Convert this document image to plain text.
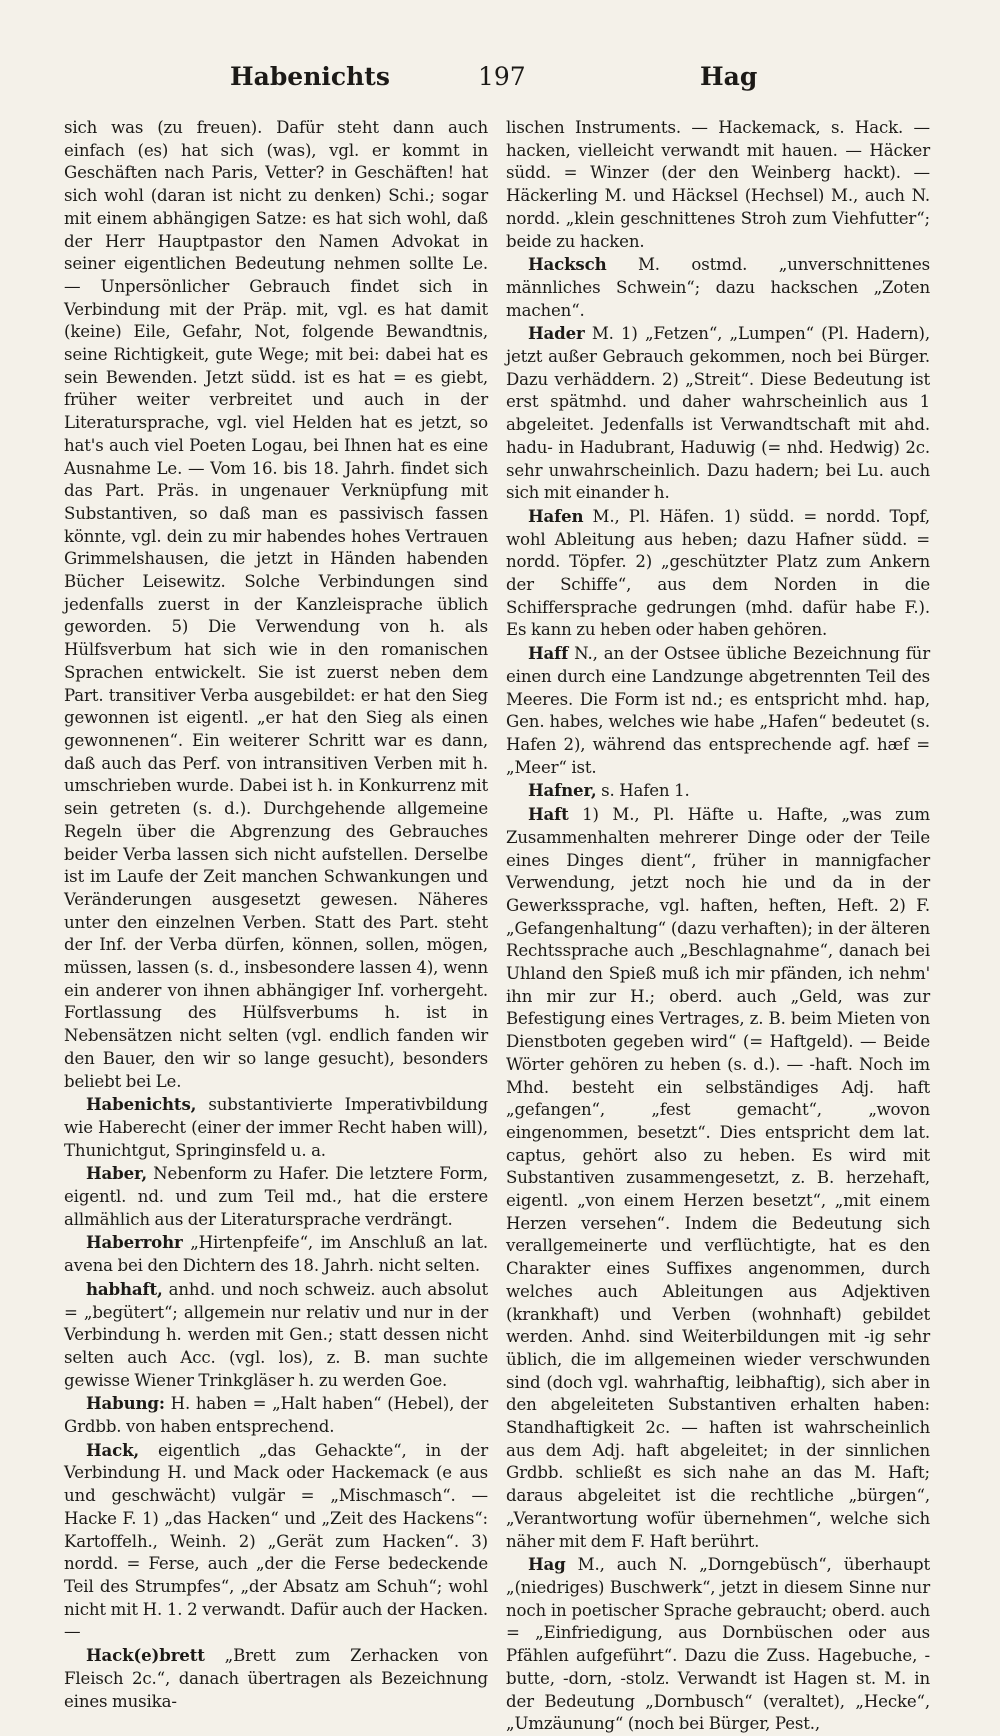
Habenichts	197	Hag

sich was (zu freuen). Dafür steht dann auch einfach (es) hat sich (was), vgl. er kommt in Geschäften nach Paris, Vetter? in Geschäften! hat sich wohl (daran ist nicht zu denken) Schi.; sogar mit einem abhängigen Satze: es hat sich wohl, daß der Herr Hauptpastor den Namen Advokat in seiner eigentlichen Bedeutung nehmen sollte Le. — Unpersönlicher Gebrauch findet sich in Verbindung mit der Präp. mit, vgl. es hat damit (keine) Eile, Gefahr, Not, folgende Bewandtnis, seine Richtigkeit, gute Wege; mit bei: dabei hat es sein Bewenden. Jetzt südd. ist es hat = es giebt, früher weiter verbreitet und auch in der Literatursprache, vgl. viel Helden hat es jetzt, so hat's auch viel Poeten Logau, bei Ihnen hat es eine Ausnahme Le. — Vom 16. bis 18. Jahrh. findet sich das Part. Präs. in ungenauer Verknüpfung mit Substantiven, so daß man es passivisch fassen könnte, vgl. dein zu mir habendes hohes Vertrauen Grimmelshausen, die jetzt in Händen habenden Bücher Leisewitz. Solche Verbindungen sind jedenfalls zuerst in der Kanzleisprache üblich geworden. 5) Die Verwendung von h. als Hülfsverbum hat sich wie in den romanischen Sprachen entwickelt. Sie ist zuerst neben dem Part. transitiver Verba ausgebildet: er hat den Sieg gewonnen ist eigentl. „er hat den Sieg als einen gewonnenen“. Ein weiterer Schritt war es dann, daß auch das Perf. von intransitiven Verben mit h. umschrieben wurde. Dabei ist h. in Konkurrenz mit sein getreten (s. d.). Durchgehende allgemeine Regeln über die Abgrenzung des Gebrauches beider Verba lassen sich nicht aufstellen. Derselbe ist im Laufe der Zeit manchen Schwankungen und Veränderungen ausgesetzt gewesen. Näheres unter den einzelnen Verben. Statt des Part. steht der Inf. der Verba dürfen, können, sollen, mögen, müssen, lassen (s. d., insbesondere lassen 4), wenn ein anderer von ihnen abhängiger Inf. vorhergeht. Fortlassung des Hülfsverbums h. ist in Nebensätzen nicht selten (vgl. endlich fanden wir den Bauer, den wir so lange gesucht), besonders beliebt bei Le.

Habenichts, substantivierte Imperativbildung wie Haberecht (einer der immer Recht haben will), Thunichtgut, Springinsfeld u. a.

Haber, Nebenform zu Hafer. Die letztere Form, eigentl. nd. und zum Teil md., hat die erstere allmählich aus der Literatursprache verdrängt.

Haberrohr „Hirtenpfeife“, im Anschluß an lat. avena bei den Dichtern des 18. Jahrh. nicht selten.

habhaft, anhd. und noch schweiz. auch absolut = „begütert“; allgemein nur relativ und nur in der Verbindung h. werden mit Gen.; statt dessen nicht selten auch Acc. (vgl. los), z. B. man suchte gewisse Wiener Trinkgläser h. zu werden Goe.

Habung: H. haben = „Halt haben“ (Hebel), der Grdbb. von haben entsprechend.

Hack, eigentlich „das Gehackte“, in der Verbindung H. und Mack oder Hackemack (e aus und geschwächt) vulgär = „Mischmasch“. — Hacke F. 1) „das Hacken“ und „Zeit des Hackens“: Kartoffelh., Weinh. 2) „Gerät zum Hacken“. 3) nordd. = Ferse, auch „der die Ferse bedeckende Teil des Strumpfes“, „der Absatz am Schuh“; wohl nicht mit H. 1. 2 verwandt. Dafür auch der Hacken. —

Hack(e)brett „Brett zum Zerhacken von Fleisch 2c.“, danach übertragen als Bezeichnung eines musika-

lischen Instruments. — Hackemack, s. Hack. — hacken, vielleicht verwandt mit hauen. — Häcker südd. = Winzer (der den Weinberg hackt). — Häckerling M. und Häcksel (Hechsel) M., auch N. nordd. „klein geschnittenes Stroh zum Viehfutter“; beide zu hacken.

Hacksch M. ostmd. „unverschnittenes männliches Schwein“; dazu hackschen „Zoten machen“.

Hader M. 1) „Fetzen“, „Lumpen“ (Pl. Hadern), jetzt außer Gebrauch gekommen, noch bei Bürger. Dazu verhäddern. 2) „Streit“. Diese Bedeutung ist erst spätmhd. und daher wahrscheinlich aus 1 abgeleitet. Jedenfalls ist Verwandtschaft mit ahd. hadu- in Hadubrant, Haduwig (= nhd. Hedwig) 2c. sehr unwahrscheinlich. Dazu hadern; bei Lu. auch sich mit einander h.

Hafen M., Pl. Häfen. 1) südd. = nordd. Topf, wohl Ableitung aus heben; dazu Hafner südd. = nordd. Töpfer. 2) „geschützter Platz zum Ankern der Schiffe“, aus dem Norden in die Schiffersprache gedrungen (mhd. dafür habe F.). Es kann zu heben oder haben gehören.

Haff N., an der Ostsee übliche Bezeichnung für einen durch eine Landzunge abgetrennten Teil des Meeres. Die Form ist nd.; es entspricht mhd. hap, Gen. habes, welches wie habe „Hafen“ bedeutet (s. Hafen 2), während das entsprechende agf. hæf = „Meer“ ist.

Hafner, s. Hafen 1.

Haft 1) M., Pl. Häfte u. Hafte, „was zum Zusammenhalten mehrerer Dinge oder der Teile eines Dinges dient“, früher in mannigfacher Verwendung, jetzt noch hie und da in der Gewerkssprache, vgl. haften, heften, Heft. 2) F. „Gefangenhaltung“ (dazu verhaften); in der älteren Rechtssprache auch „Beschlagnahme“, danach bei Uhland den Spieß muß ich mir pfänden, ich nehm' ihn mir zur H.; oberd. auch „Geld, was zur Befestigung eines Vertrages, z. B. beim Mieten von Dienstboten gegeben wird“ (= Haftgeld). — Beide Wörter gehören zu heben (s. d.). — -haft. Noch im Mhd. besteht ein selbständiges Adj. haft „gefangen“, „fest gemacht“, „wovon eingenommen, besetzt“. Dies entspricht dem lat. captus, gehört also zu heben. Es wird mit Substantiven zusammengesetzt, z. B. herzehaft, eigentl. „von einem Herzen besetzt“, „mit einem Herzen versehen“. Indem die Bedeutung sich verallgemeinerte und verflüchtigte, hat es den Charakter eines Suffixes angenommen, durch welches auch Ableitungen aus Adjektiven (krankhaft) und Verben (wohnhaft) gebildet werden. Anhd. sind Weiterbildungen mit -ig sehr üblich, die im allgemeinen wieder verschwunden sind (doch vgl. wahrhaftig, leibhaftig), sich aber in den abgeleiteten Substantiven erhalten haben: Standhaftigkeit 2c. — haften ist wahrscheinlich aus dem Adj. haft abgeleitet; in der sinnlichen Grdbb. schließt es sich nahe an das M. Haft; daraus abgeleitet ist die rechtliche „bürgen“, „Verantwortung wofür übernehmen“, welche sich näher mit dem F. Haft berührt.

Hag M., auch N. „Dorngebüsch“, überhaupt „(niedriges) Buschwerk“, jetzt in diesem Sinne nur noch in poetischer Sprache gebraucht; oberd. auch = „Einfriedigung, aus Dornbüschen oder aus Pfählen aufgeführt“. Dazu die Zuss. Hagebuche, -butte, -dorn, -stolz. Verwandt ist Hagen st. M. in der Bedeutung „Dornbusch“ (veraltet), „Hecke“, „Umzäunung“ (noch bei Bürger, Pest.,
